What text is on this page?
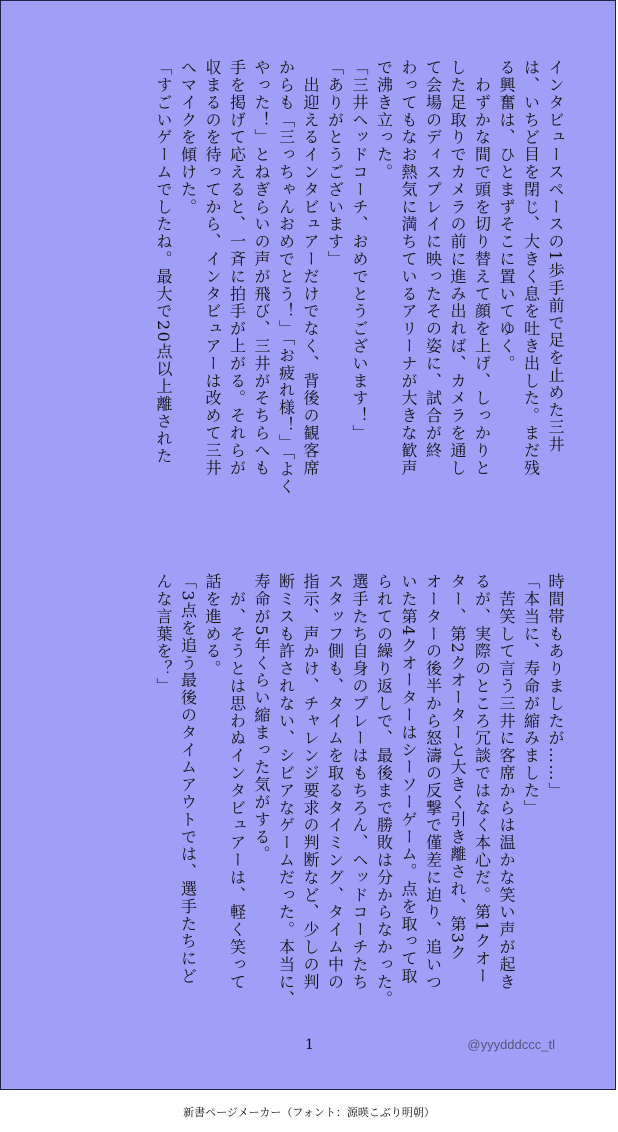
インタビュースペースの1歩手前で足を止めた三井
は、いちど目を閉じ、大きく息を吐き出した。まだ残
る興奮は、ひとまずそこに置いてゆく。
　わずかな間で頭を切り替えて顔を上げ、しっかりと
した足取りでカメラの前に進み出れば、カメラを通し
て会場のディスプレイに映ったその姿に、試合が終
わってもなお熱気に満ちているアリーナが大きな歓声
で沸き立った。
「三井ヘッドコーチ、おめでとうございます！」
「ありがとうございます」
　出迎えるインタビュアーだけでなく、背後の観客席
からも「三っちゃんおめでとう！」「お疲れ様！」「よく
やった！」とねぎらいの声が飛び、三井がそちらへも
手を掲げて応えると、一斉に拍手が上がる。それらが
収まるのを待ってから、インタビュアーは改めて三井
へマイクを傾けた。
「すごいゲームでしたね。最大で20点以上離された
時間帯もありましたが……」
「本当に、寿命が縮みました」
　苦笑して言う三井に客席からは温かな笑い声が起き
るが、実際のところ冗談ではなく本心だ。第1クオー
ター、第2クオーターと大きく引き離され、第3ク
オーターの後半から怒濤の反撃で僅差に迫り、追いつ
いた第4クオーターはシーソーゲーム。点を取って取
られての繰り返しで、最後まで勝敗は分からなかった。
選手たち自身のプレーはもちろん、ヘッドコーチたち
スタッフ側も、タイムを取るタイミング、タイム中の
指示、声かけ、チャレンジ要求の判断など、少しの判
断ミスも許されない、シビアなゲームだった。本当に、
寿命が5年くらい縮まった気がする。
　が、そうとは思わぬインタビュアーは、軽く笑って
話を進める。
「3点を追う最後のタイムアウトでは、選手たちにど
んな言葉を？」
1	@yyydddccc_tl
新書ページメーカー（フォント：源暎こぶり明朝）
